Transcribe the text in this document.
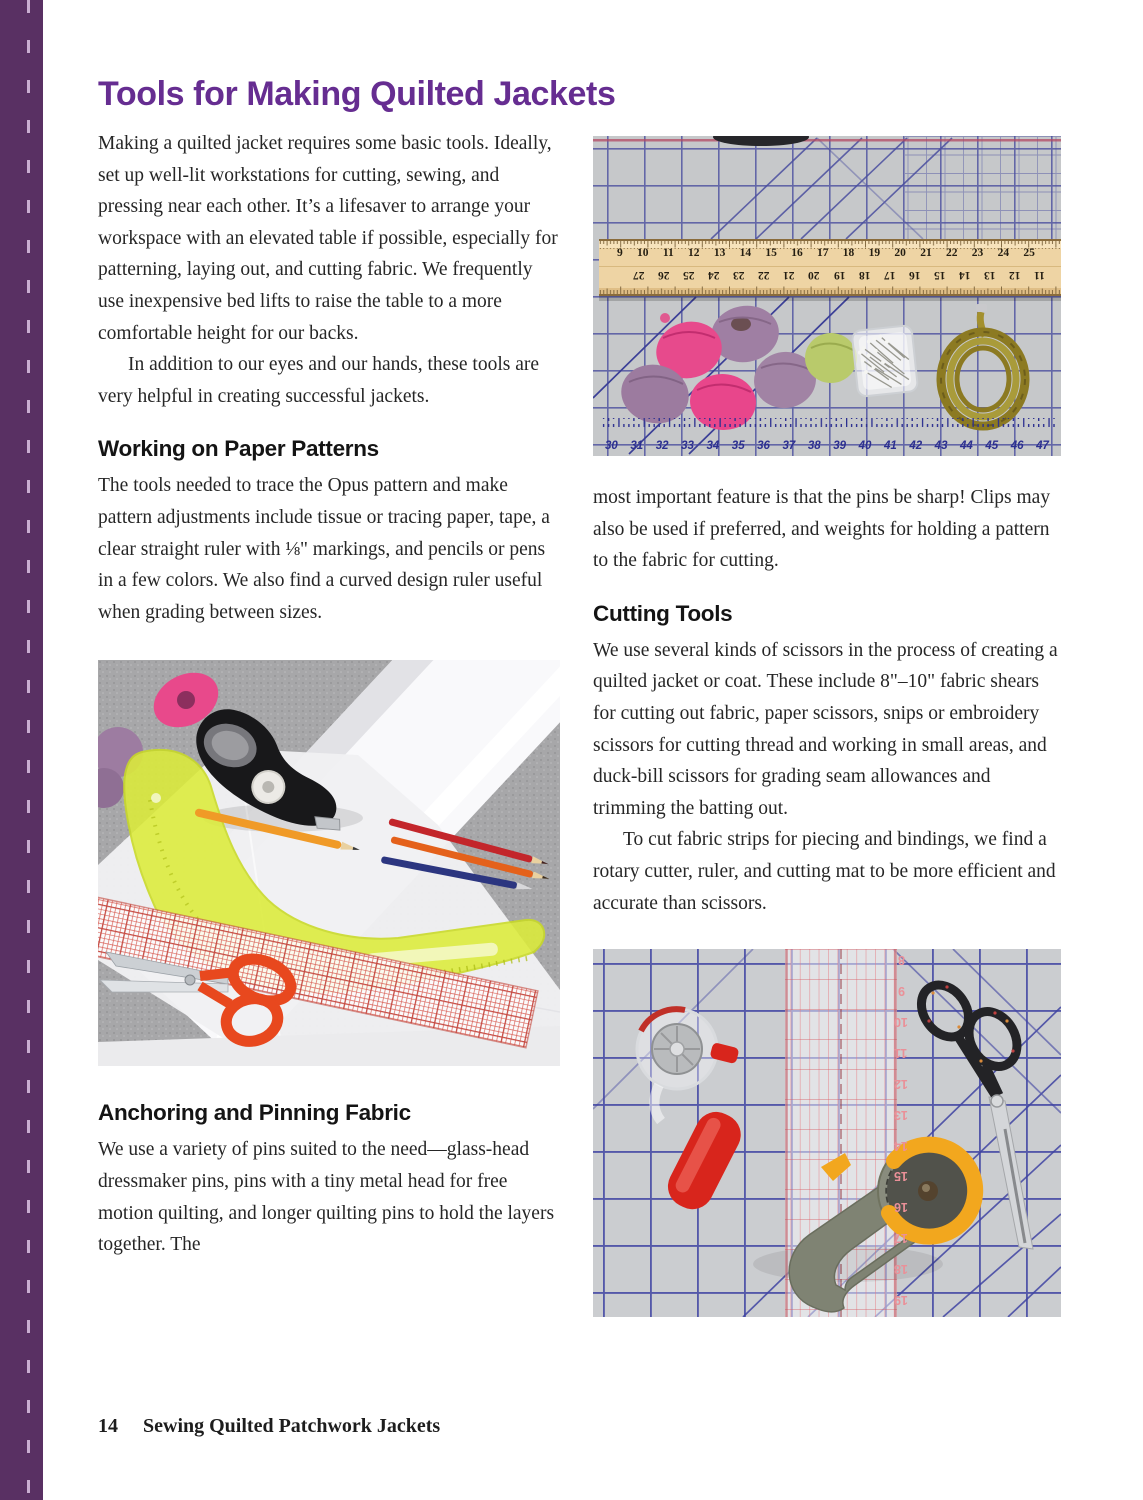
Tools for Making Quilted Jackets

Making a quilted jacket requires some basic tools. Ideally, set up well-lit workstations for cutting, sewing, and pressing near each other. It’s a lifesaver to arrange your workspace with an elevated table if possible, especially for patterning, laying out, and cutting fabric. We frequently use inexpensive bed lifts to raise the table to a more comfortable height for our backs.

In addition to our eyes and our hands, these tools are very helpful in creating successful jackets.

Working on Paper Patterns

The tools needed to trace the Opus pattern and make pattern adjustments include tissue or tracing paper, tape, a clear straight ruler with ⅛" markings, and pencils or pens in a few colors. We also find a curved design ruler useful when grading between sizes.

Anchoring and Pinning Fabric

We use a variety of pins suited to the need—glass-head dressmaker pins, pins with a tiny metal head for free motion quilting, and longer quilting pins to hold the layers together. The

9 10 11 12 13 14 15 16 17 18 19 20 21 22 23 24 25
27 26 25 24 23 22 21 20 19 18 17 16 15 14 13 12 11
30 31 32 33 34 35 36 37 38 39 40 41 42 43 44 45 46 47

most important feature is that the pins be sharp! Clips may also be used if preferred, and weights for holding a pattern to the fabric for cutting.

Cutting Tools

We use several kinds of scissors in the process of creating a quilted jacket or coat. These include 8"–10" fabric shears for cutting out fabric, paper scissors, snips or embroidery scissors for cutting thread and working in small areas, and duck-bill scissors for grading seam allowances and trimming the batting out.

To cut fabric strips for piecing and bindings, we find a rotary cutter, ruler, and cutting mat to be more efficient and accurate than scissors.

8
9
10
11
12
13
14
15
16
17
18
19
14 Sewing Quilted Patchwork Jackets
